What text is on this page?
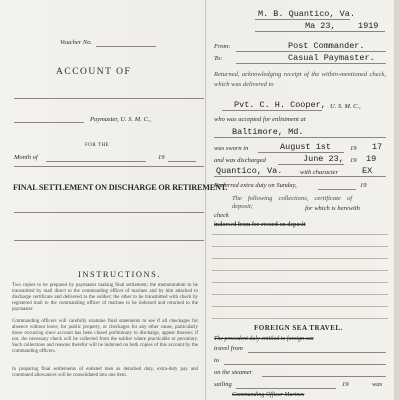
Voucher No.
ACCOUNT OF
Paymaster, U. S. M. C.,
FOR THE
Month of	19
FINAL SETTLEMENT ON DISCHARGE OR RETIREMENT.
INSTRUCTIONS.
Two copies to be prepared by paymaster making final settlement; the memorandum to be transmitted by mail direct to the commanding officer of marines and by him attached to discharge certificate and delivered to the soldier; the other to be transmitted with check by registered mail to the commanding officer of marines to be indorsed and returned to the paymaster.
Commanding officers will carefully examine final statements to see if all checkages for absence without leave, for public property, or checkages for any other cause, particularly those occurring since account has been closed preliminary to discharge, appear thereon; if not, the necessary check will be collected from the soldier where practicable or pecuniary. Such collections and reasons therefor will be indorsed on both copies of this account by the commanding officers.
In preparing final settlements of enlisted men as detached duty, extra-duty pay and commuted allowances will be consolidated into one item.
M. B. Quantico, Va.
Ma 23,	1919
From:	Post Commander.
To:	Casual Paymaster.
Returned, acknowledging receipt of the within-mentioned check, which was delivered to
Pvt. C. H. Cooper, U. S. M. C.,
who was accepted for enlistment at
Baltimore, Md.
was sworn in	August 1st	19 17
and was discharged	June 23, 19 19
Quantico, Va.	with character	EX
Preferred extra duty on Sunday,	19
The following collections, certificate of deposit;
check
for which is herewith
indorsed from for record on deposit
FOREIGN SEA TRAVEL.
The precedent duly entitled to foreign sea
travel from
to
on the steamer
sailing	19	was
Commanding Officer Marines
